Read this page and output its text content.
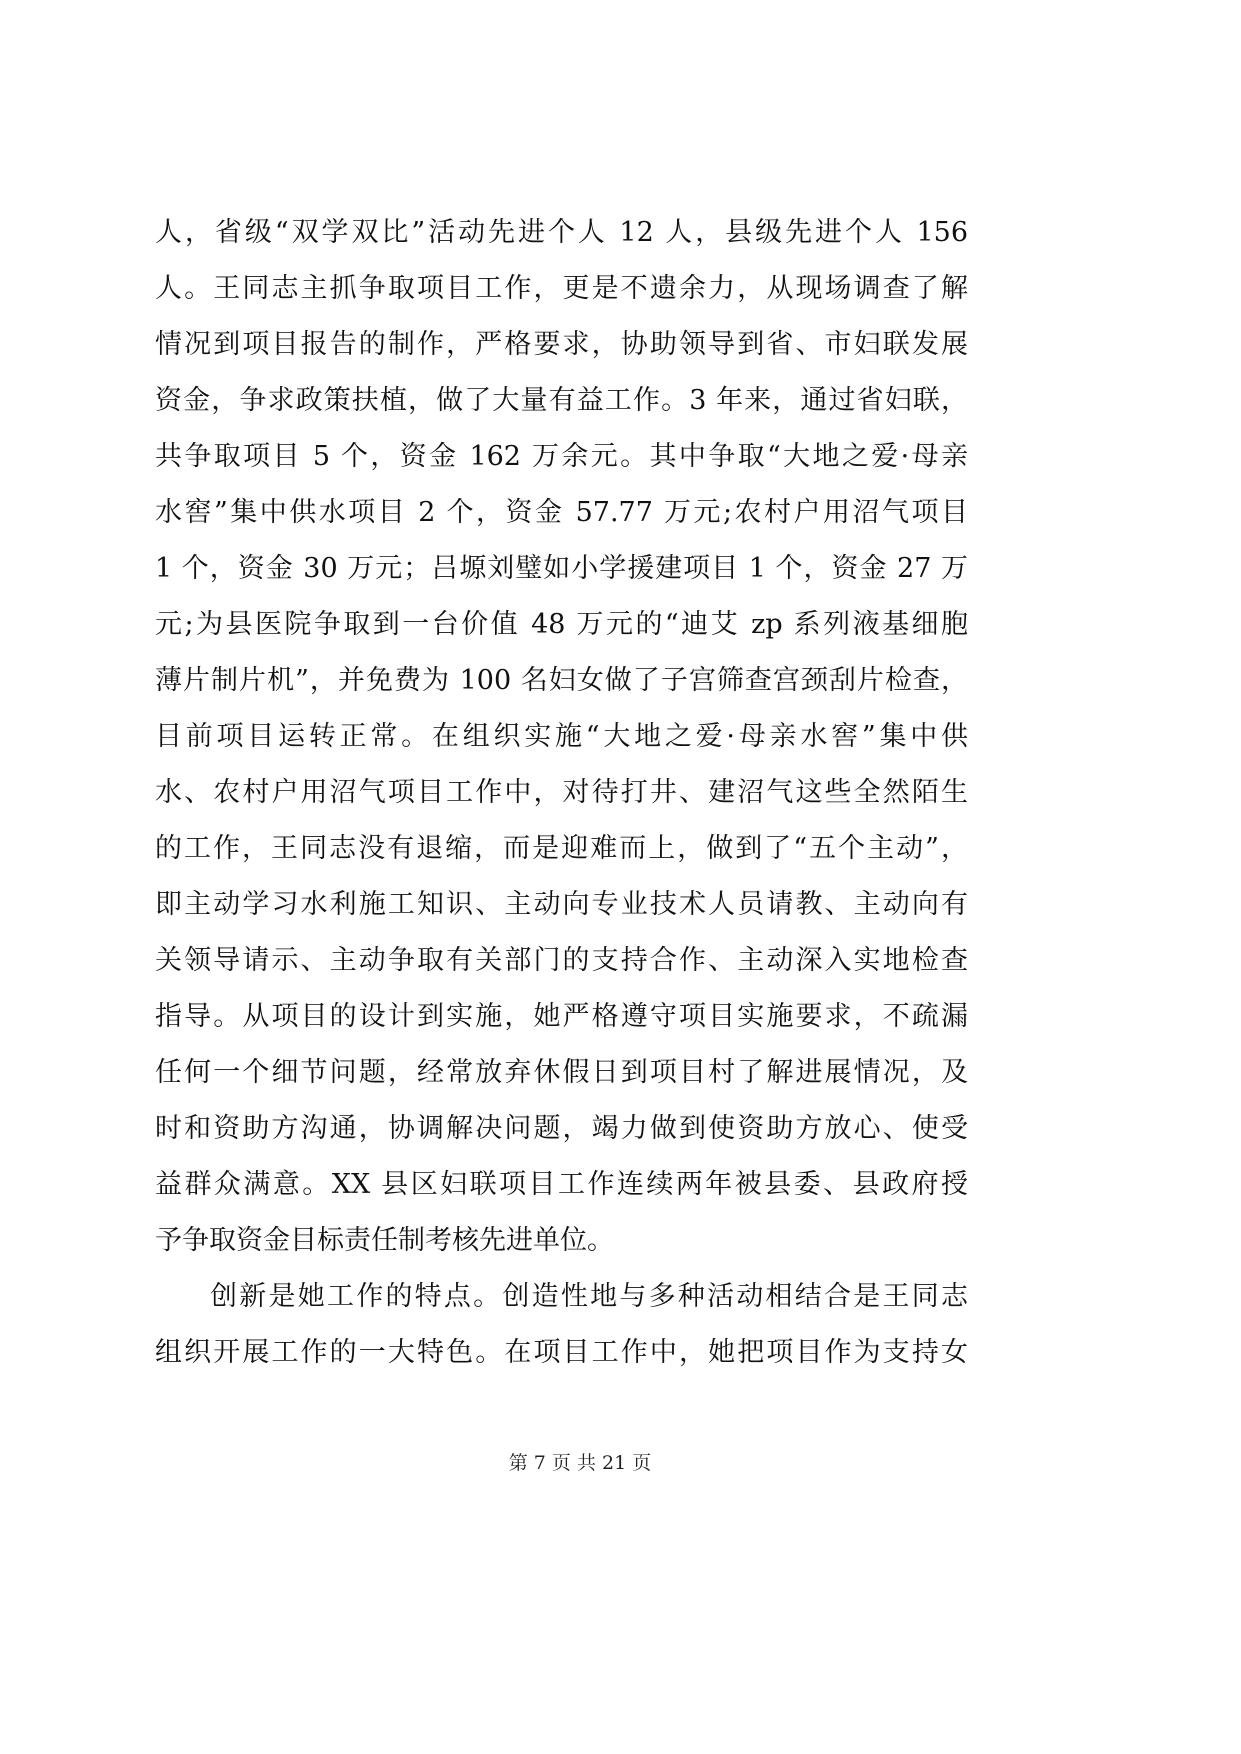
人，省级“双学双比”活动先进个人 12 人，县级先进个人 156
人。王同志主抓争取项目工作，更是不遗余力，从现场调查了解
情况到项目报告的制作，严格要求，协助领导到省、市妇联发展
资金，争求政策扶植，做了大量有益工作。3 年来，通过省妇联，
共争取项目 5 个，资金 162 万余元。其中争取“大地之爱·母亲
水窖”集中供水项目 2 个，资金 57.77 万元;农村户用沼气项目
1 个，资金 30 万元；吕塬刘璧如小学援建项目 1 个，资金 27 万
元;为县医院争取到一台价值 48 万元的“迪艾 zp 系列液基细胞
薄片制片机”，并免费为 100 名妇女做了子宫筛查宫颈刮片检查，
目前项目运转正常。在组织实施“大地之爱·母亲水窖”集中供
水、农村户用沼气项目工作中，对待打井、建沼气这些全然陌生
的工作，王同志没有退缩，而是迎难而上，做到了“五个主动”，
即主动学习水利施工知识、主动向专业技术人员请教、主动向有
关领导请示、主动争取有关部门的支持合作、主动深入实地检查
指导。从项目的设计到实施，她严格遵守项目实施要求，不疏漏
任何一个细节问题，经常放弃休假日到项目村了解进展情况，及
时和资助方沟通，协调解决问题，竭力做到使资助方放心、使受
益群众满意。XX 县区妇联项目工作连续两年被县委、县政府授
予争取资金目标责任制考核先进单位。
创新是她工作的特点。创造性地与多种活动相结合是王同志
组织开展工作的一大特色。在项目工作中，她把项目作为支持女
第 7 页 共 21 页
